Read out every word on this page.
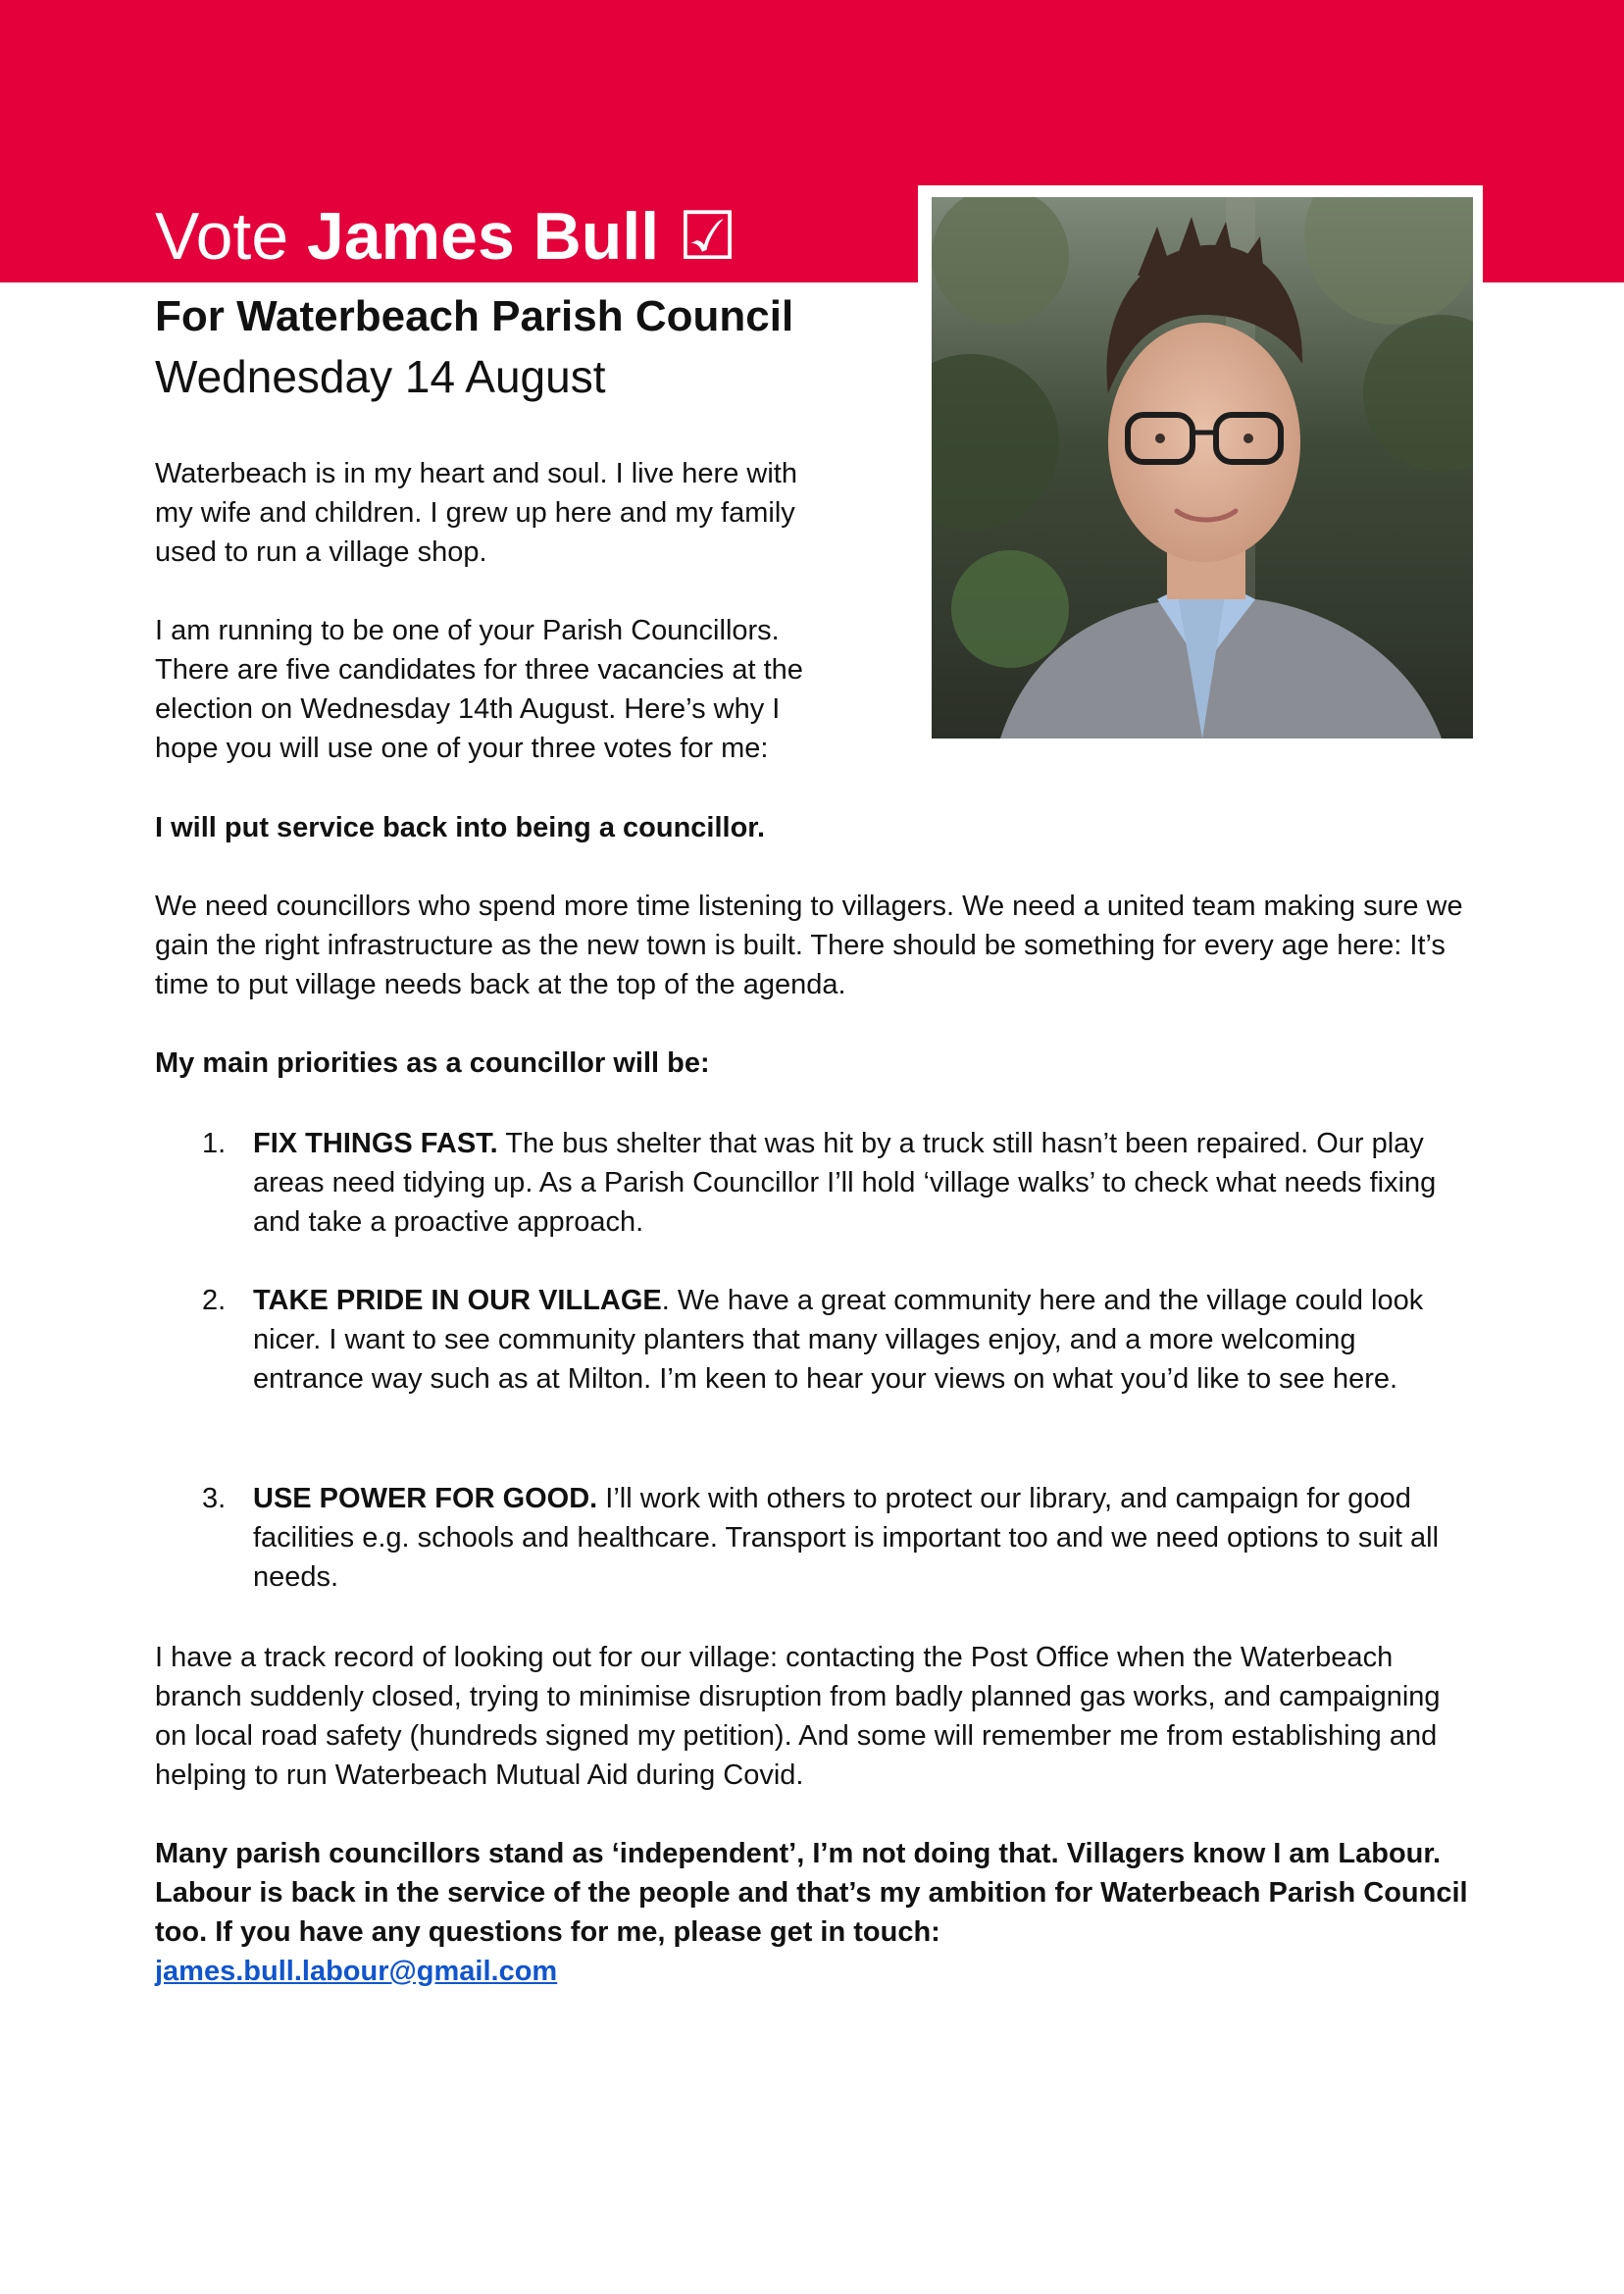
Vote James Bull ☑
For Waterbeach Parish Council
Wednesday 14 August

Waterbeach is in my heart and soul. I live here with my wife and children. I grew up here and my family used to run a village shop.

I am running to be one of your Parish Councillors. There are five candidates for three vacancies at the election on Wednesday 14th August. Here’s why I hope you will use one of your three votes for me:

I will put service back into being a councillor.

We need councillors who spend more time listening to villagers. We need a united team making sure we gain the right infrastructure as the new town is built. There should be something for every age here: It’s time to put village needs back at the top of the agenda.

My main priorities as a councillor will be:

1. FIX THINGS FAST. The bus shelter that was hit by a truck still hasn’t been repaired. Our play areas need tidying up. As a Parish Councillor I’ll hold ‘village walks’ to check what needs fixing and take a proactive approach.
2. TAKE PRIDE IN OUR VILLAGE. We have a great community here and the village could look nicer. I want to see community planters that many villages enjoy, and a more welcoming entrance way such as at Milton. I’m keen to hear your views on what you’d like to see here.
3. USE POWER FOR GOOD. I’ll work with others to protect our library, and campaign for good facilities e.g. schools and healthcare. Transport is important too and we need options to suit all needs.

I have a track record of looking out for our village: contacting the Post Office when the Waterbeach branch suddenly closed, trying to minimise disruption from badly planned gas works, and campaigning on local road safety (hundreds signed my petition). And some will remember me from establishing and helping to run Waterbeach Mutual Aid during Covid.

Many parish councillors stand as ‘independent’, I’m not doing that. Villagers know I am Labour. Labour is back in the service of the people and that’s my ambition for Waterbeach Parish Council too. If you have any questions for me, please get in touch:
james.bull.labour@gmail.com
